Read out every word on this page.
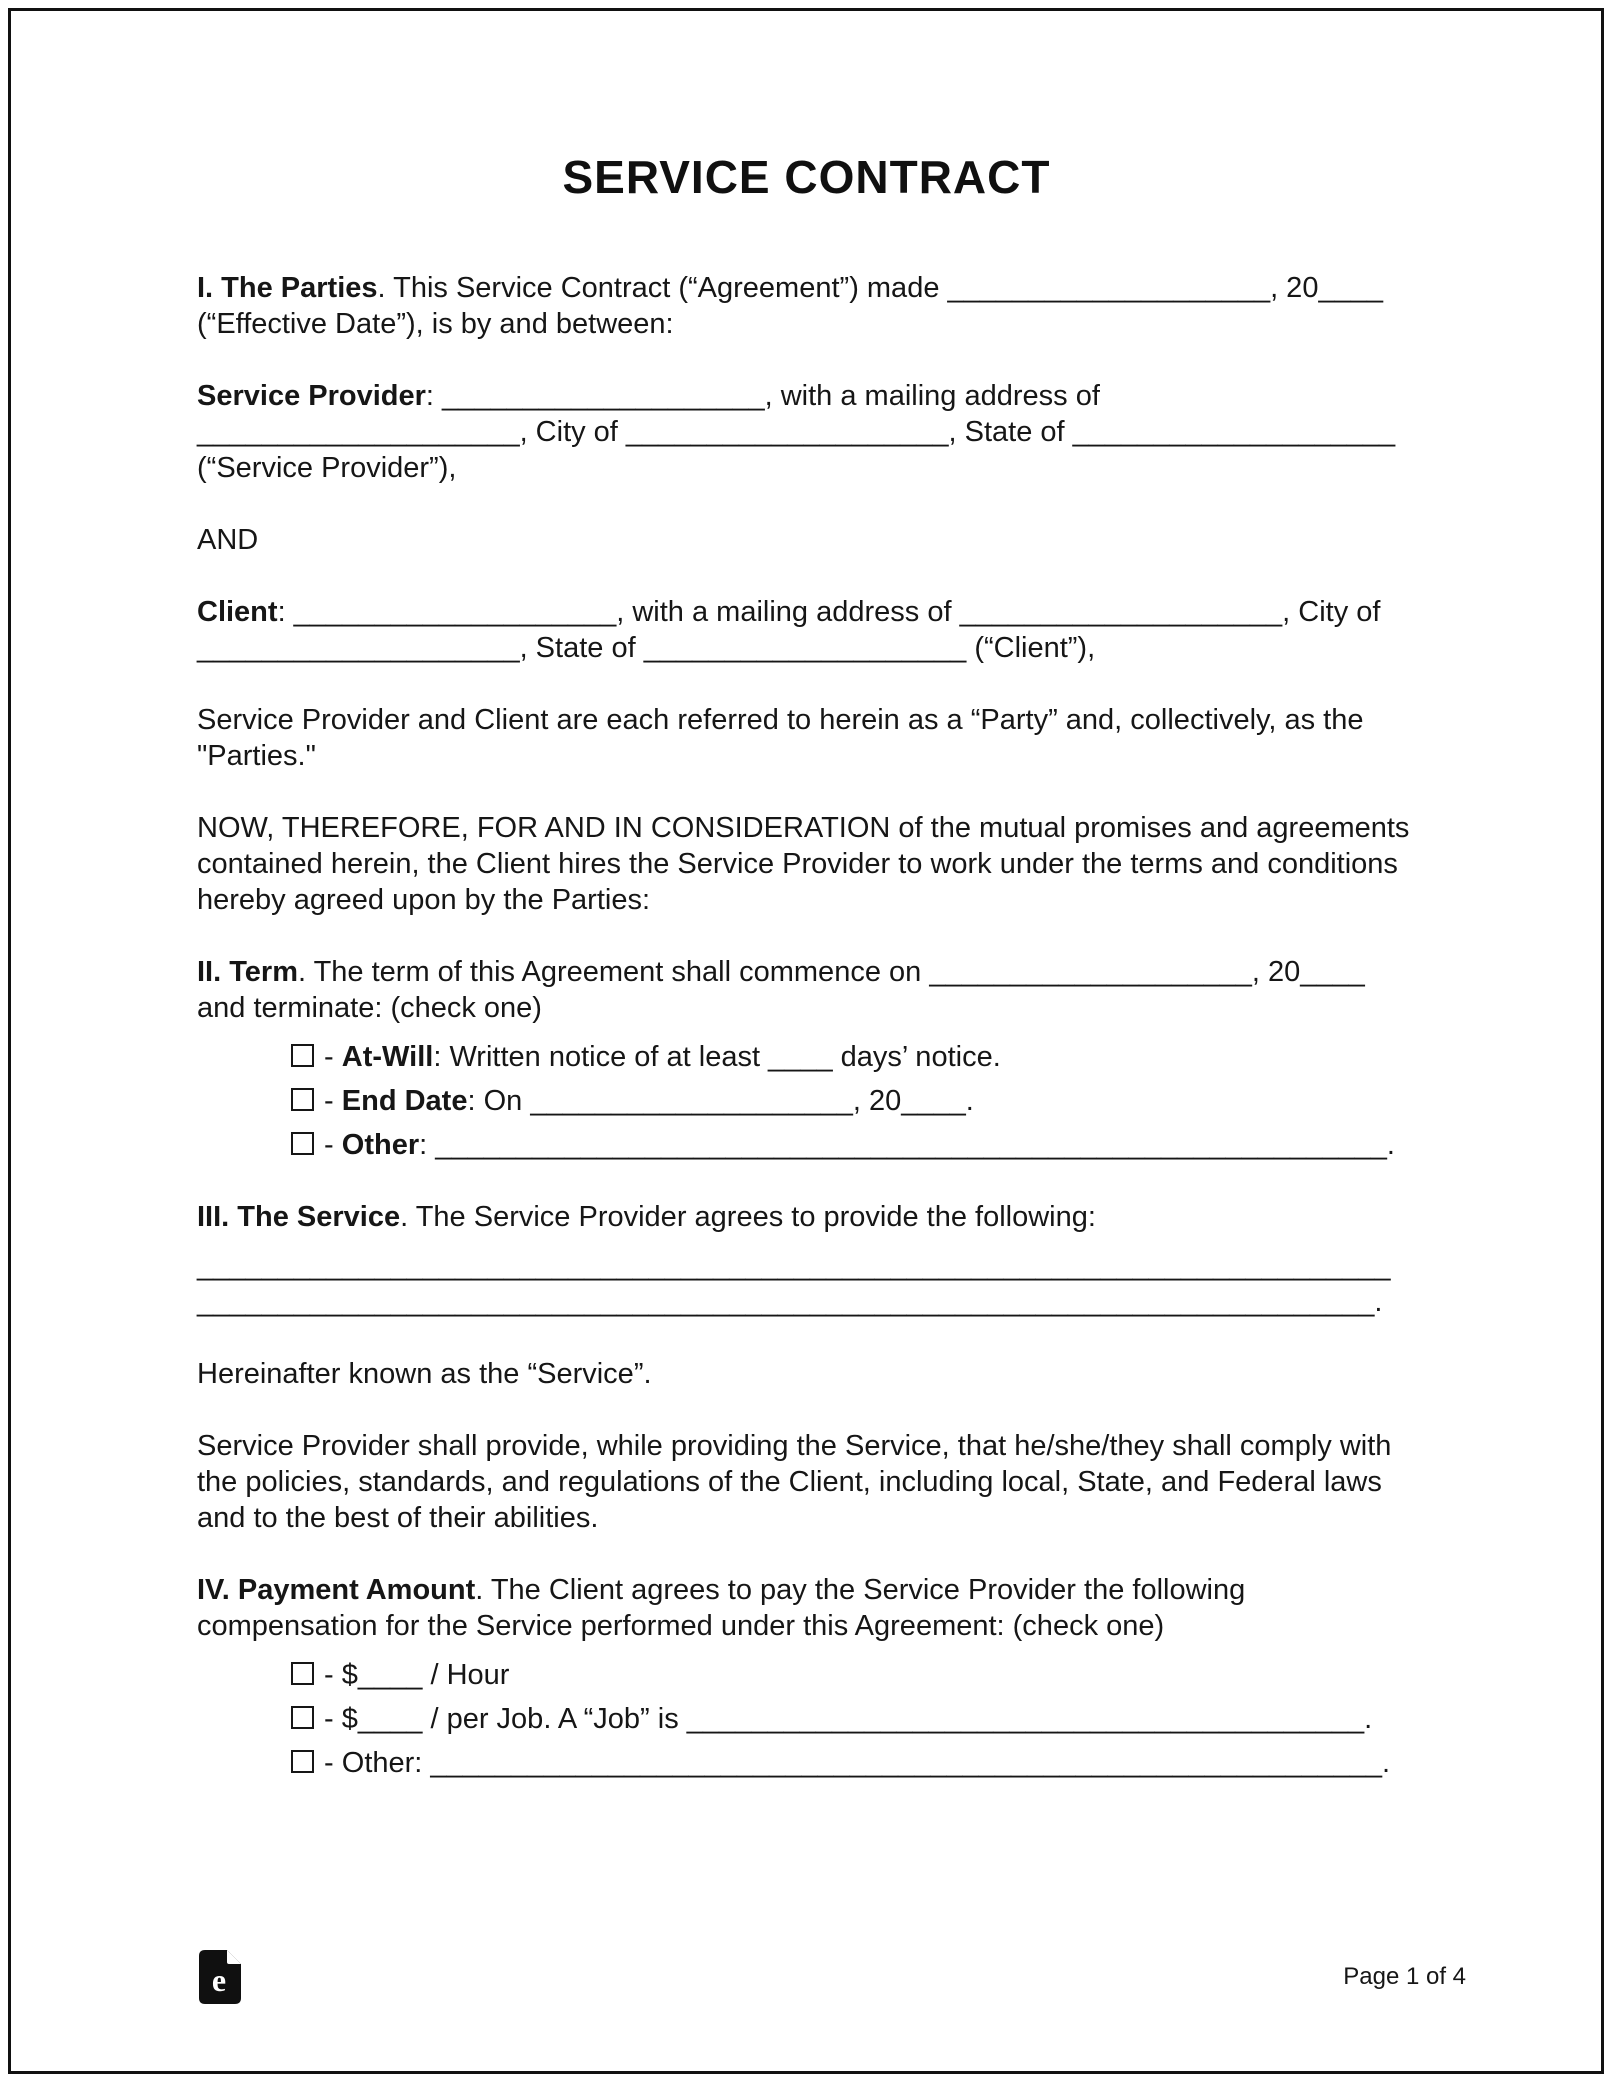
SERVICE CONTRACT

I. The Parties. This Service Contract (“Agreement”) made ____________________, 20____ (“Effective Date”), is by and between:

Service Provider: ____________________, with a mailing address of ____________________, City of ____________________, State of ____________________ (“Service Provider”),

AND

Client: ____________________, with a mailing address of ____________________, City of ____________________, State of ____________________ (“Client”),

Service Provider and Client are each referred to herein as a “Party” and, collectively, as the "Parties."

NOW, THEREFORE, FOR AND IN CONSIDERATION of the mutual promises and agreements contained herein, the Client hires the Service Provider to work under the terms and conditions hereby agreed upon by the Parties:

II. Term. The term of this Agreement shall commence on ____________________, 20____ and terminate: (check one)

- At-Will: Written notice of at least ____ days’ notice.

- End Date: On ____________________, 20____.

- Other: ___________________________________________________________.

III. The Service. The Service Provider agrees to provide the following:

__________________________________________________________________________ _________________________________________________________________________.

Hereinafter known as the “Service”.

Service Provider shall provide, while providing the Service, that he/she/they shall comply with the policies, standards, and regulations of the Client, including local, State, and Federal laws and to the best of their abilities.

IV. Payment Amount. The Client agrees to pay the Service Provider the following compensation for the Service performed under this Agreement: (check one)

- $____ / Hour

- $____ / per Job. A “Job” is __________________________________________.

- Other: ___________________________________________________________.

e	Page 1 of 4
